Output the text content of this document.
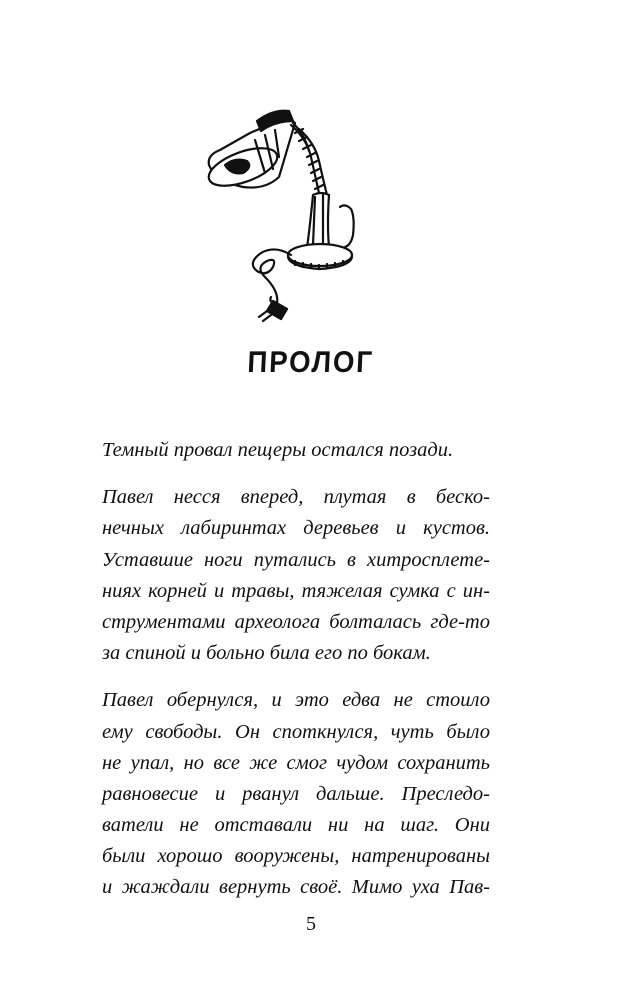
ПРОЛОГ
Темный провал пещеры остался позади.
Павел несся вперед, плутая в беско-
нечных лабиринтах деревьев и кустов.
Уставшие ноги путались в хитросплете-
ниях корней и травы, тяжелая сумка с ин-
струментами археолога болталась где-то
за спиной и больно била его по бокам.
Павел обернулся, и это едва не стоило
ему свободы. Он споткнулся, чуть было
не упал, но все же смог чудом сохранить
равновесие и рванул дальше. Преследо-
ватели не отставали ни на шаг. Они
были хорошо вооружены, натренированы
и жаждали вернуть своё. Мимо уха Пав-

5
